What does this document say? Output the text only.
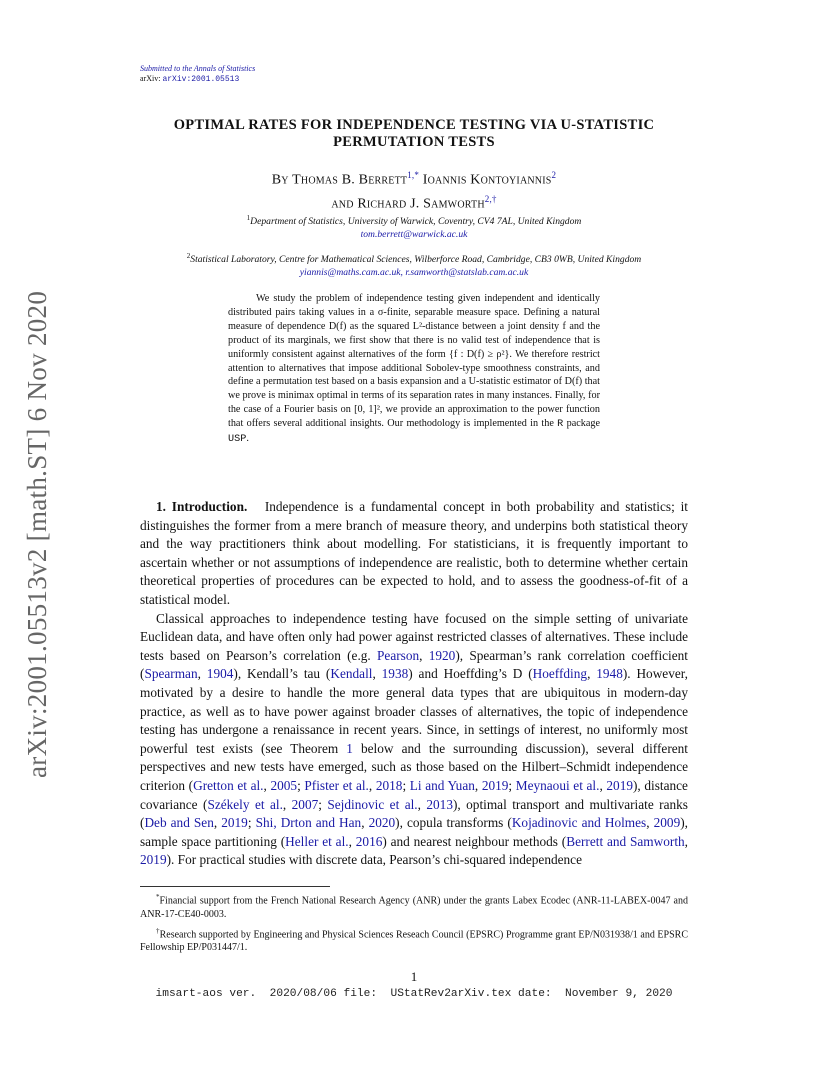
Submitted to the Annals of Statistics
arXiv: arXiv:2001.05513
arXiv:2001.05513v2 [math.ST] 6 Nov 2020
OPTIMAL RATES FOR INDEPENDENCE TESTING VIA U-STATISTIC
PERMUTATION TESTS
By Thomas B. Berrett$^{1,*}$ Ioannis Kontoyiannis$^2$
and Richard J. Samworth$^{2,\dagger}$
$^1$Department of Statistics, University of Warwick, Coventry, CV4 7AL, United Kingdom
tom.berrett@warwick.ac.uk
$^2$Statistical Laboratory, Centre for Mathematical Sciences, Wilberforce Road, Cambridge, CB3 0WB, United Kingdom
yiannis@maths.cam.ac.uk, r.samworth@statslab.cam.ac.uk

We study the problem of independence testing given independent and identically distributed pairs taking values in a σ-finite, separable measure space. Defining a natural measure of dependence D(f) as the squared L²-distance between a joint density f and the product of its marginals, we first show that there is no valid test of independence that is uniformly consistent against alternatives of the form {f : D(f) ≥ ρ²}. We therefore restrict attention to alternatives that impose additional Sobolev-type smoothness constraints, and define a permutation test based on a basis expansion and a U-statistic estimator of D(f) that we prove is minimax optimal in terms of its separation rates in many instances. Finally, for the case of a Fourier basis on [0, 1]², we provide an approximation to the power function that offers several additional insights. Our methodology is implemented in the R package USP.

1. Introduction. Independence is a fundamental concept in both probability and statistics; it distinguishes the former from a mere branch of measure theory, and underpins both statistical theory and the way practitioners think about modelling. For statisticians, it is frequently important to ascertain whether or not assumptions of independence are realistic, both to determine whether certain theoretical properties of procedures can be expected to hold, and to assess the goodness-of-fit of a statistical model.

Classical approaches to independence testing have focused on the simple setting of univariate Euclidean data, and have often only had power against restricted classes of alternatives. These include tests based on Pearson’s correlation (e.g. Pearson, 1920), Spearman’s rank correlation coefficient (Spearman, 1904), Kendall’s tau (Kendall, 1938) and Hoeffding’s D (Hoeffding, 1948). However, motivated by a desire to handle the more general data types that are ubiquitous in modern-day practice, as well as to have power against broader classes of alternatives, the topic of independence testing has undergone a renaissance in recent years. Since, in settings of interest, no uniformly most powerful test exists (see Theorem 1 below and the surrounding discussion), several different perspectives and new tests have emerged, such as those based on the Hilbert–Schmidt independence criterion (Gretton et al., 2005; Pfister et al., 2018; Li and Yuan, 2019; Meynaoui et al., 2019), distance covariance (Székely et al., 2007; Sejdinovic et al., 2013), optimal transport and multivariate ranks (Deb and Sen, 2019; Shi, Drton and Han, 2020), copula transforms (Kojadinovic and Holmes, 2009), sample space partitioning (Heller et al., 2016) and nearest neighbour methods (Berrett and Samworth, 2019). For practical studies with discrete data, Pearson’s chi-squared independence

*Financial support from the French National Research Agency (ANR) under the grants Labex Ecodec (ANR-11-LABEX-0047 and ANR-17-CE40-0003.

†Research supported by Engineering and Physical Sciences Reseach Council (EPSRC) Programme grant EP/N031938/1 and EPSRC Fellowship EP/P031447/1.

1
imsart-aos ver.  2020/08/06 file:  UStatRev2arXiv.tex date:  November 9, 2020
